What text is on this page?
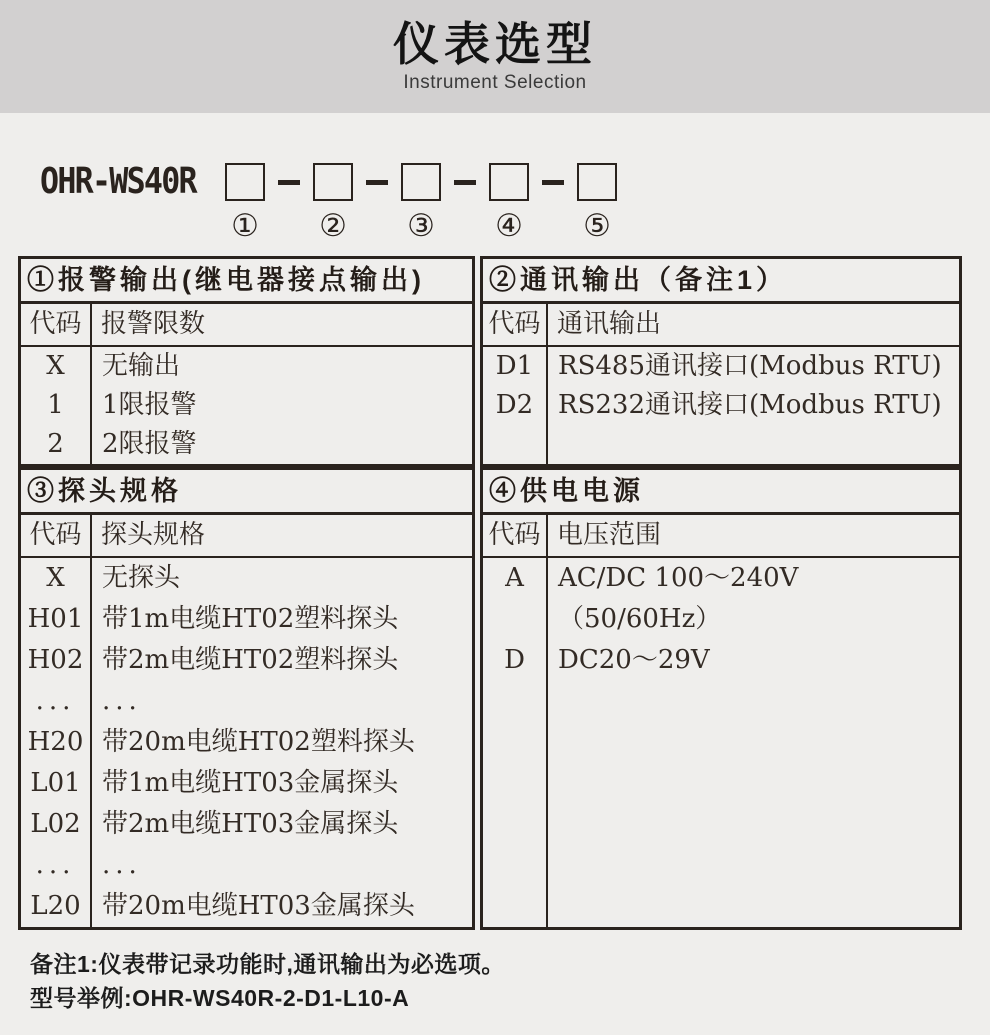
仪表选型
Instrument Selection
OHR-WS40R
① ② ③ ④ ⑤
①报警输出(继电器接点输出)
代码 报警限数
X
1
2
无输出
1限报警
2限报警
②通讯输出（备注1）
代码 通讯输出
D1
D2
RS485通讯接口(Modbus RTU)
RS232通讯接口(Modbus RTU)
③探头规格
代码 探头规格
X
H01
H02
...
H20
L01
L02
...
L20
无探头
带1m电缆HT02塑料探头
带2m电缆HT02塑料探头
...
带20m电缆HT02塑料探头
带1m电缆HT03金属探头
带2m电缆HT03金属探头
...
带20m电缆HT03金属探头
④供电电源
代码 电压范围
A
D
AC/DC 100～240V
（50/60Hz）
DC20～29V
备注1:仪表带记录功能时,通讯输出为必选项。
型号举例:OHR-WS40R-2-D1-L10-A
